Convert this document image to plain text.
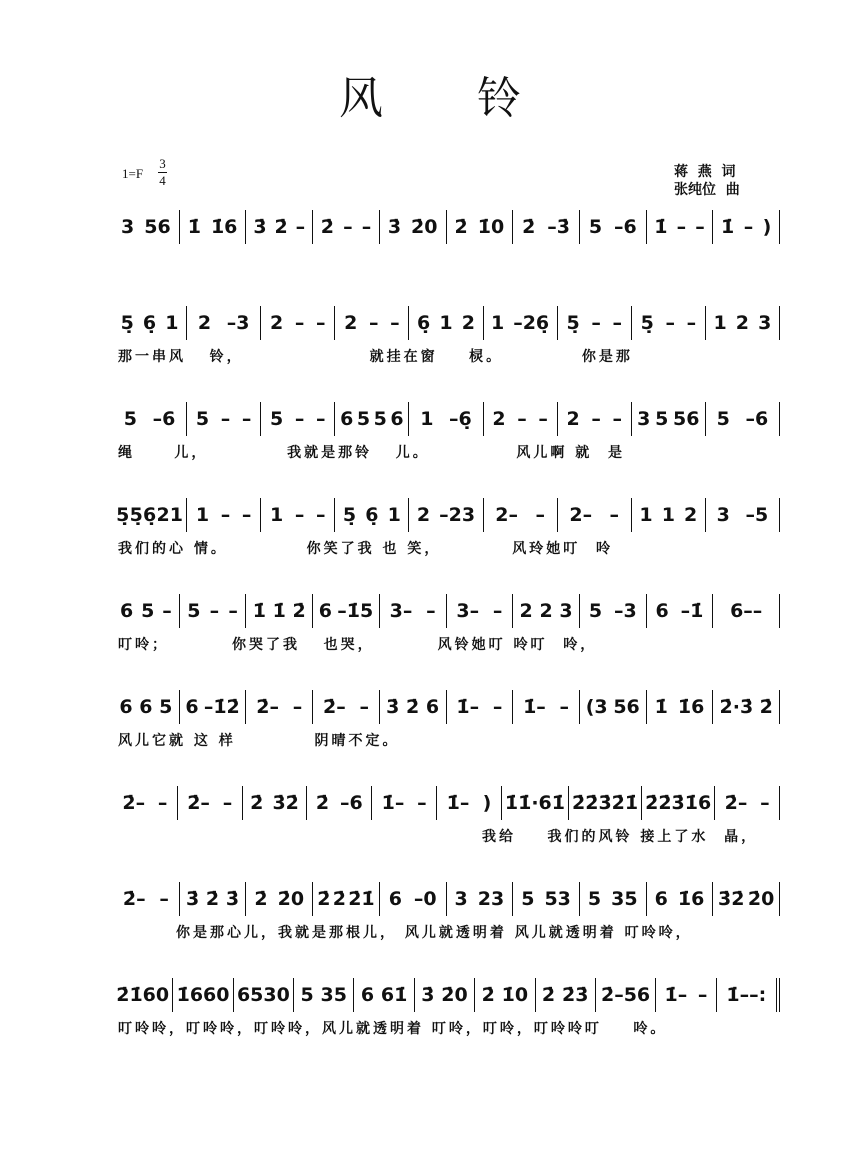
风 铃
1=F
3
4
蒋  燕  词
张纯位  曲
3 56 1̇ 1̇6 3̇ 2̇ – 2̇ – – 3̇ 2̇0 2̇ 1̇0 2̇ –3̇ 5 –6 1̇ – – 1̇ – )
5̣ 6̣ 1 2 –3 2 – – 2 – – 6̣ 1 2 1 –26̣ 5̣ – – 5̣ – – 1 2 3
那一串风   铃，                就挂在窗    棂。          你是那
5 –6 5 – – 5 – – 6 5 5 6 1 –6̣ 2 – – 2 – – 3 5 56 5 –6
绳     儿，          我就是那铃   儿。           风儿啊 就  是
5̣ 5̣ 6̣ 21 1 – – 1 – – 5̣ 6̣ 1 2 –23 2– – 2– – 1 1 2 3 –5
我们的心 情。          你笑了我 也 笑，         风玲她叮  呤
6 5 – 5 – – 1̇ 1̇ 2̇ 6 –1̇5 3– – 3– – 2 2 3 5 –3 6 –1̇ 6––
叮呤；        你哭了我   也哭，        风铃她叮 呤叮  呤，
6 6 5 6 –1̇2̇ 2̇– – 2̇– – 3̇ 2̇ 6 1̇– – 1̇– – (3 56 1̇ 1̇6 2̇·3̇ 2̇
风儿它就 这 样          阴晴不定。
2̇– – 2̇– – 2̇ 3̇2̇ 2̇ –6 1̇– – 1̇– ) 1̇ 1̇·61̇ 2̇2̇3̇2̇1̇ 2̇2̇3̇1̇6 2̇– –
我给    我们的风铃 接上了水  晶，
2̇– – 3̇ 2̇ 3̇ 2̇ 2̇0 2̇ 2̇ 2̇1̇ 6 –0 3 23 5 53 5 35 6 1̇6 3̇2̇ 2̇0
你是那心儿，我就是那根儿， 风儿就透明着 风儿就透明着 叮呤呤，
2̇1̇60 1̇660 6530 5 35 6 61̇ 3̇ 2̇0 2̇ 1̇0 2̇ 2̇3̇ 2̇–56 1̇– – 1̇––:
叮呤呤，叮呤呤，叮呤呤，风儿就透明着 叮呤，叮呤，叮呤呤叮    呤。
